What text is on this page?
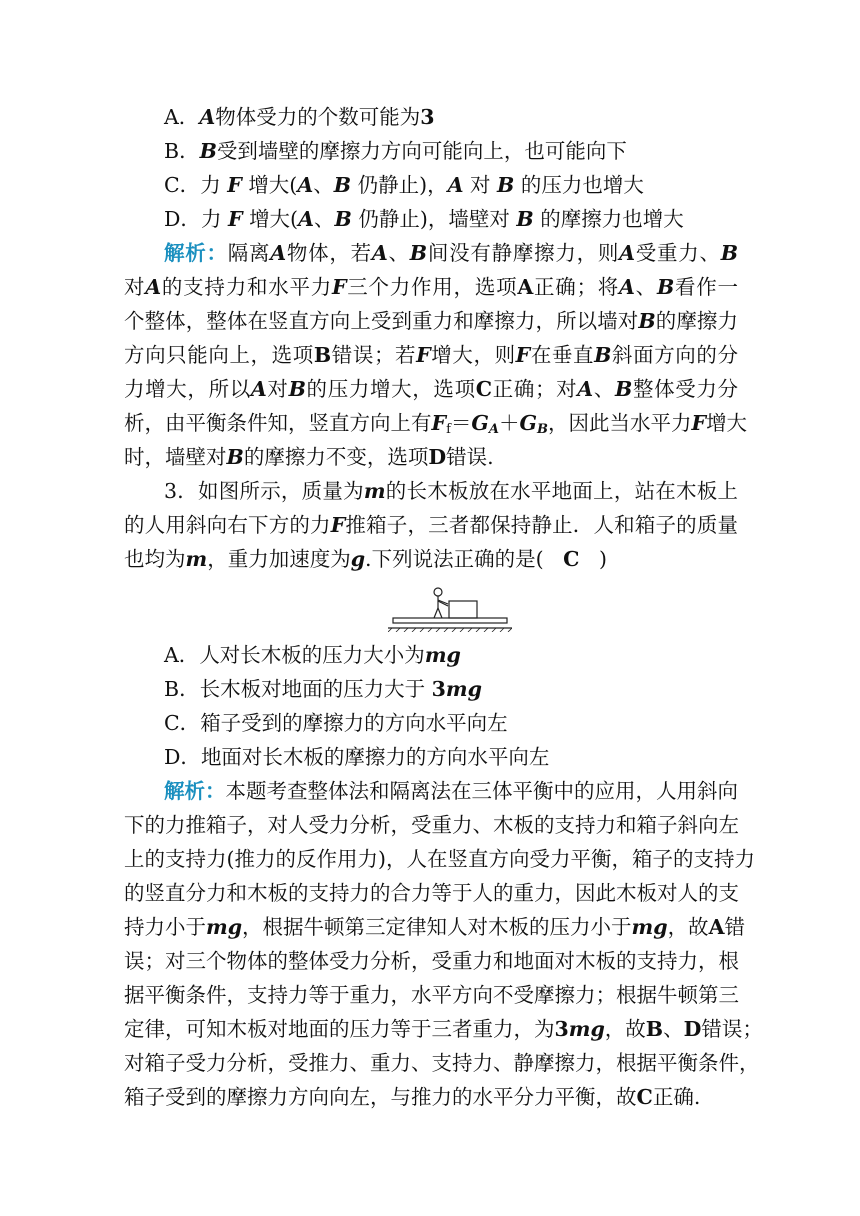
A．A物体受力的个数可能为3
B．B受到墙壁的摩擦力方向可能向上，也可能向下
C．力 F 增大(A、B 仍静止)，A 对 B 的压力也增大
D．力 F 增大(A、B 仍静止)，墙壁对 B 的摩擦力也增大
解析：隔离A物体，若A、B间没有静摩擦力，则A受重力、B
对A的支持力和水平力F三个力作用，选项A正确；将A、B看作一
个整体，整体在竖直方向上受到重力和摩擦力，所以墙对B的摩擦力
方向只能向上，选项B错误；若F增大，则F在垂直B斜面方向的分
力增大，所以A对B的压力增大，选项C正确；对A、B整体受力分
析，由平衡条件知，竖直方向上有$Ff=G_A+G_B$，因此当水平力F增大
时，墙壁对B的摩擦力不变，选项D错误.
3．如图所示，质量为m的长木板放在水平地面上，站在木板上
的人用斜向右下方的力F推箱子，三者都保持静止．人和箱子的质量
也均为m，重力加速度为g.下列说法正确的是( C )
A．人对长木板的压力大小为mg
B．长木板对地面的压力大于 3mg
C．箱子受到的摩擦力的方向水平向左
D．地面对长木板的摩擦力的方向水平向左
解析：本题考查整体法和隔离法在三体平衡中的应用，人用斜向
下的力推箱子，对人受力分析，受重力、木板的支持力和箱子斜向左
上的支持力(推力的反作用力)，人在竖直方向受力平衡，箱子的支持力
的竖直分力和木板的支持力的合力等于人的重力，因此木板对人的支
持力小于mg，根据牛顿第三定律知人对木板的压力小于mg，故A错
误；对三个物体的整体受力分析，受重力和地面对木板的支持力，根
据平衡条件，支持力等于重力，水平方向不受摩擦力；根据牛顿第三
定律，可知木板对地面的压力等于三者重力，为3mg，故B、D错误；
对箱子受力分析，受推力、重力、支持力、静摩擦力，根据平衡条件，
箱子受到的摩擦力方向向左，与推力的水平分力平衡，故C正确.
